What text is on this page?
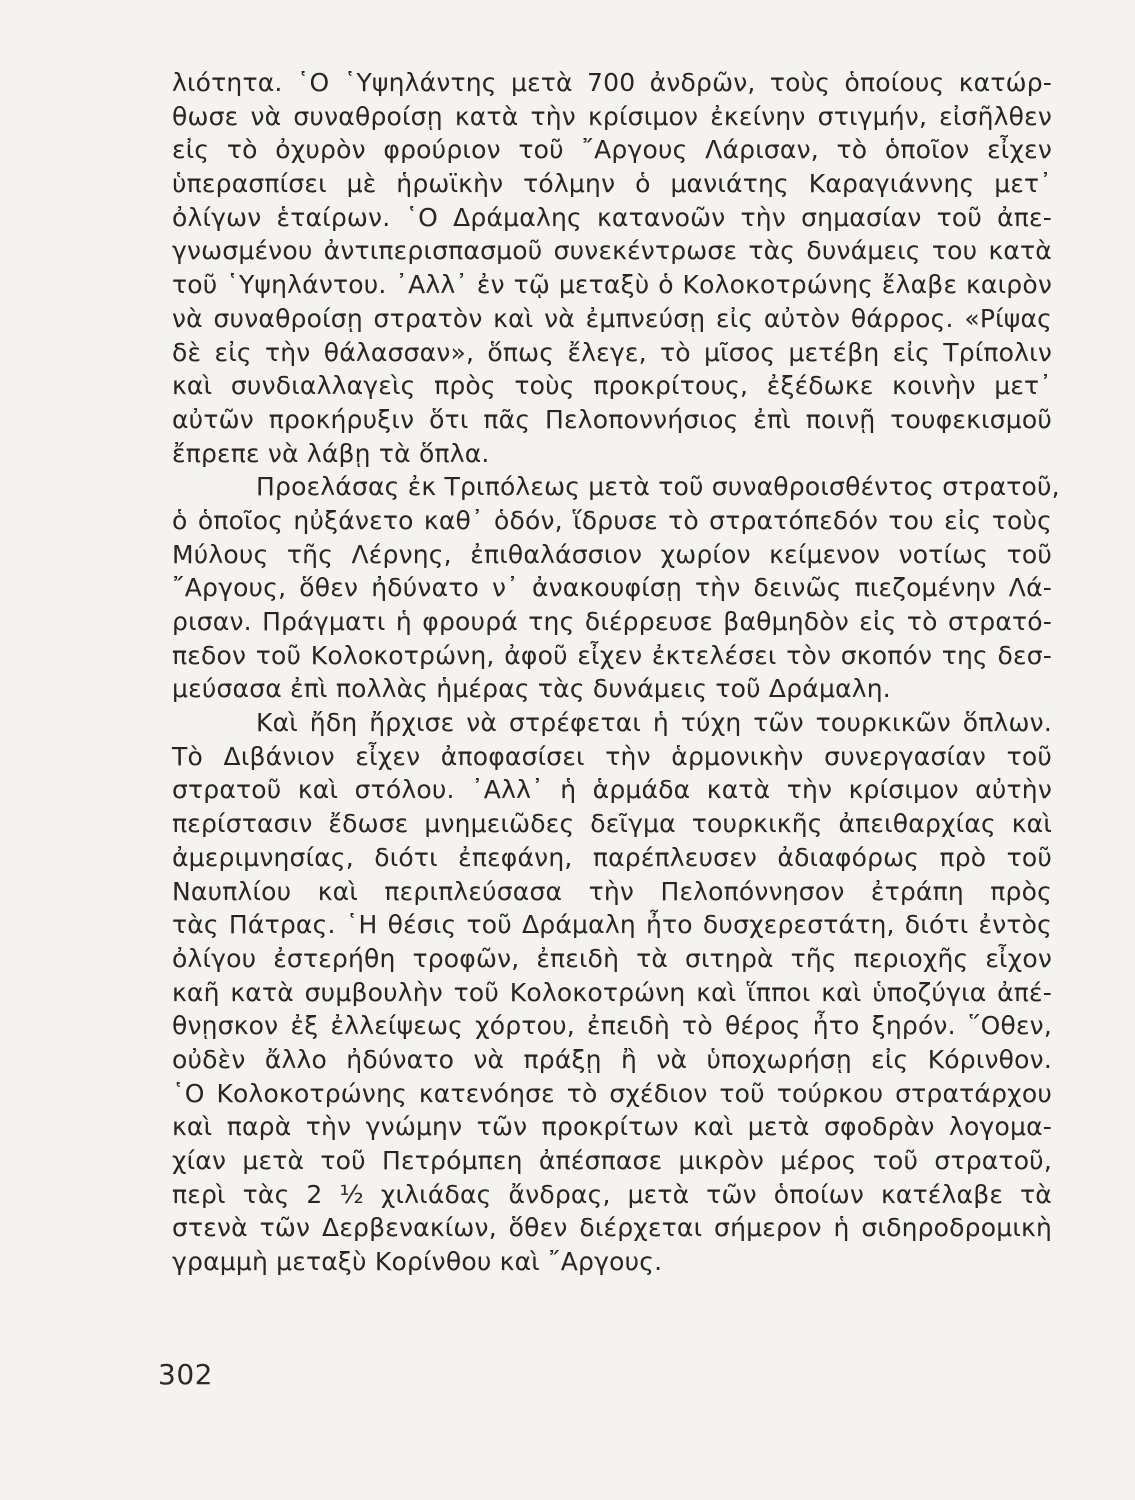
λιότητα. ῾Ο ῾Υψηλάντης μετὰ 700 ἀνδρῶν, τοὺς ὁποίους κατώρ-
θωσε νὰ συναθροίσῃ κατὰ τὴν κρίσιμον ἐκείνην στιγμήν, εἰσῆλθεν
εἰς τὸ ὀχυρὸν φρούριον τοῦ ῎Αργους Λάρισαν, τὸ ὁποῖον εἶχεν
ὑπερασπίσει μὲ ἡρωϊκὴν τόλμην ὁ μανιάτης Καραγιάννης μετ᾽
ὀλίγων ἑταίρων. ῾Ο Δράμαλης κατανοῶν τὴν σημασίαν τοῦ ἀπε-
γνωσμένου ἀντιπερισπασμοῦ συνεκέντρωσε τὰς δυνάμεις του κατὰ
τοῦ ῾Υψηλάντου. ᾽Αλλ᾽ ἐν τῷ μεταξὺ ὁ Κολοκοτρώνης ἔλαβε καιρὸν
νὰ συναθροίσῃ στρατὸν καὶ νὰ ἐμπνεύσῃ εἰς αὐτὸν θάρρος. «Ρίψας
δὲ εἰς τὴν θάλασσαν», ὅπως ἔλεγε, τὸ μῖσος μετέβη εἰς Τρίπολιν
καὶ συνδιαλλαγεὶς πρὸς τοὺς προκρίτους, ἐξέδωκε κοινὴν μετ᾽
αὐτῶν προκήρυξιν ὅτι πᾶς Πελοποννήσιος ἐπὶ ποινῇ τουφεκισμοῦ
ἔπρεπε νὰ λάβῃ τὰ ὅπλα.
Προελάσας ἐκ Τριπόλεως μετὰ τοῦ συναθροισθέντος στρατοῦ,
ὁ ὁποῖος ηὐξάνετο καθ᾽ ὁδόν, ἵδρυσε τὸ στρατόπεδόν του εἰς τοὺς
Μύλους τῆς Λέρνης, ἐπιθαλάσσιον χωρίον κείμενον νοτίως τοῦ
῎Αργους, ὅθεν ἠδύνατο ν᾽ ἀνακουφίσῃ τὴν δεινῶς πιεζομένην Λά-
ρισαν. Πράγματι ἡ φρουρά της διέρρευσε βαθμηδὸν εἰς τὸ στρατό-
πεδον τοῦ Κολοκοτρώνη, ἀφοῦ εἶχεν ἐκτελέσει τὸν σκοπόν της δεσ-
μεύσασα ἐπὶ πολλὰς ἡμέρας τὰς δυνάμεις τοῦ Δράμαλη.
Καὶ ἤδη ἤρχισε νὰ στρέφεται ἡ τύχη τῶν τουρκικῶν ὅπλων.
Τὸ Διβάνιον εἶχεν ἀποφασίσει τὴν ἁρμονικὴν συνεργασίαν τοῦ
στρατοῦ καὶ στόλου. ᾽Αλλ᾽ ἡ ἁρμάδα κατὰ τὴν κρίσιμον αὐτὴν
περίστασιν ἔδωσε μνημειῶδες δεῖγμα τουρκικῆς ἀπειθαρχίας καὶ
ἀμεριμνησίας, διότι ἐπεφάνη, παρέπλευσεν ἀδιαφόρως πρὸ τοῦ
Ναυπλίου καὶ περιπλεύσασα τὴν Πελοπόννησον ἐτράπη πρὸς
τὰς Πάτρας. ῾Η θέσις τοῦ Δράμαλη ἦτο δυσχερεστάτη, διότι ἐντὸς
ὀλίγου ἐστερήθη τροφῶν, ἐπειδὴ τὰ σιτηρὰ τῆς περιοχῆς εἶχον
καῆ κατὰ συμβουλὴν τοῦ Κολοκοτρώνη καὶ ἵπποι καὶ ὑποζύγια ἀπέ-
θνῃσκον ἐξ ἐλλείψεως χόρτου, ἐπειδὴ τὸ θέρος ἦτο ξηρόν. ῞Οθεν,
οὐδὲν ἄλλο ἠδύνατο νὰ πράξῃ ἢ νὰ ὑποχωρήσῃ εἰς Κόρινθον.
῾Ο Κολοκοτρώνης κατενόησε τὸ σχέδιον τοῦ τούρκου στρατάρχου
καὶ παρὰ τὴν γνώμην τῶν προκρίτων καὶ μετὰ σφοδρὰν λογομα-
χίαν μετὰ τοῦ Πετρόμπεη ἀπέσπασε μικρὸν μέρος τοῦ στρατοῦ,
περὶ τὰς 2 ½ χιλιάδας ἄνδρας, μετὰ τῶν ὁποίων κατέλαβε τὰ
στενὰ τῶν Δερβενακίων, ὅθεν διέρχεται σήμερον ἡ σιδηροδρομικὴ
γραμμὴ μεταξὺ Κορίνθου καὶ ῎Αργους.
302
